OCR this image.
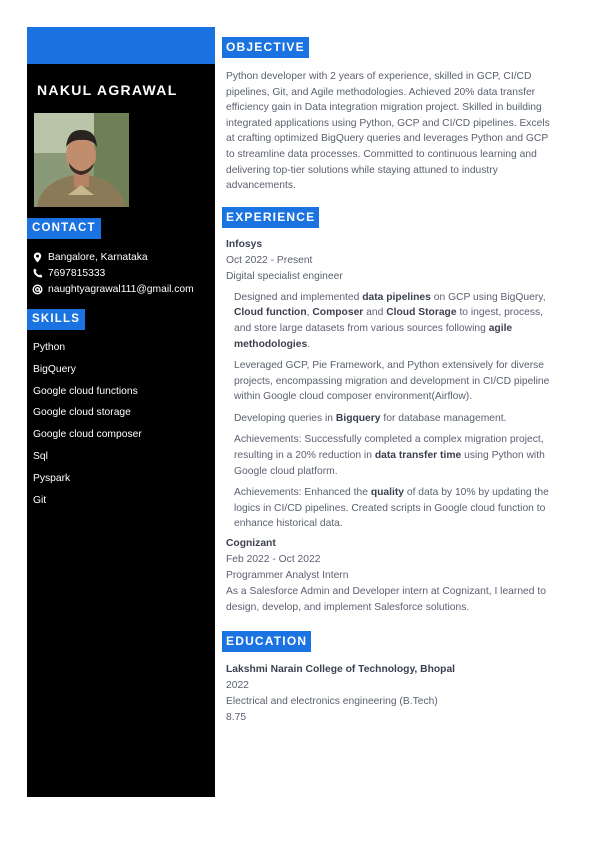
NAKUL AGRAWAL
CONTACT
Bangalore, Karnataka
7697815333
naughtyagrawal111@gmail.com
SKILLS
Python
BigQuery
Google cloud functions
Google cloud storage
Google cloud composer
Sql
Pyspark
Git
OBJECTIVE
Python developer with 2 years of experience, skilled in GCP, CI/CD pipelines, Git, and Agile methodologies. Achieved 20% data transfer efficiency gain in Data integration migration project. Skilled in building integrated applications using Python, GCP and CI/CD pipelines. Excels at crafting optimized BigQuery queries and leverages Python and GCP to streamline data processes. Committed to continuous learning and delivering top-tier solutions while staying attuned to industry advancements.
EXPERIENCE
Infosys
Oct 2022 - Present
Digital specialist engineer
Designed and implemented data pipelines on GCP using BigQuery, Cloud function, Composer and Cloud Storage to ingest, process, and store large datasets from various sources following agile methodologies.
Leveraged GCP, Pie Framework, and Python extensively for diverse projects, encompassing migration and development in CI/CD pipeline within Google cloud composer environment(Airflow).
Developing queries in Bigquery for database management.
Achievements: Successfully completed a complex migration project, resulting in a 20% reduction in data transfer time using Python with Google cloud platform.
Achievements: Enhanced the quality of data by 10% by updating the logics in CI/CD pipelines. Created scripts in Google cloud function to enhance historical data.
Cognizant
Feb 2022 - Oct 2022
Programmer Analyst Intern
As a Salesforce Admin and Developer intern at Cognizant, I learned to design, develop, and implement Salesforce solutions.
EDUCATION
Lakshmi Narain College of Technology, Bhopal
2022
Electrical and electronics engineering (B.Tech)
8.75
